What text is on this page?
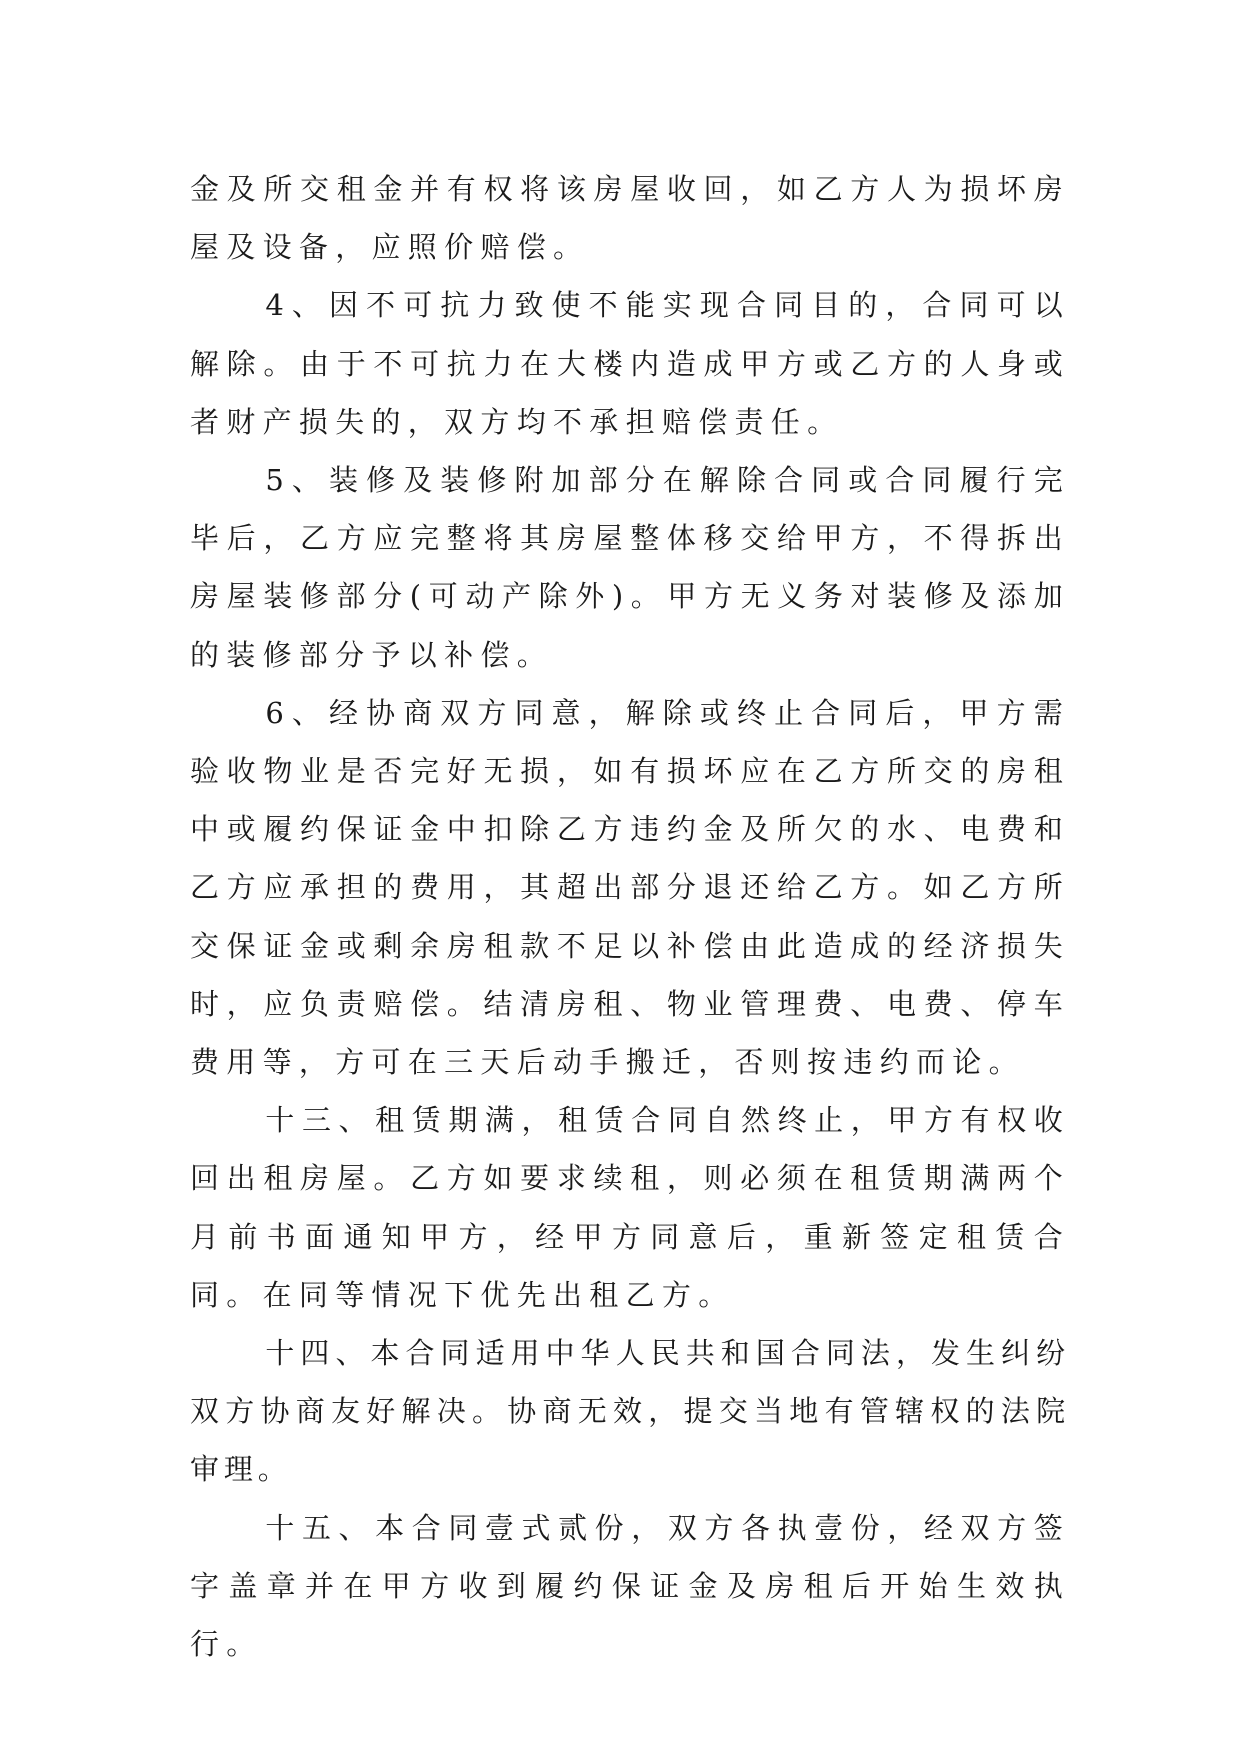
金及所交租金并有权将该房屋收回，如乙方人为损坏房屋及设备，应照价赔偿。

4、因不可抗力致使不能实现合同目的，合同可以解除。由于不可抗力在大楼内造成甲方或乙方的人身或者财产损失的，双方均不承担赔偿责任。

5、装修及装修附加部分在解除合同或合同履行完毕后，乙方应完整将其房屋整体移交给甲方，不得拆出房屋装修部分(可动产除外)。甲方无义务对装修及添加的装修部分予以补偿。

6、经协商双方同意，解除或终止合同后，甲方需验收物业是否完好无损，如有损坏应在乙方所交的房租中或履约保证金中扣除乙方违约金及所欠的水、电费和乙方应承担的费用，其超出部分退还给乙方。如乙方所交保证金或剩余房租款不足以补偿由此造成的经济损失时，应负责赔偿。结清房租、物业管理费、电费、停车费用等，方可在三天后动手搬迁，否则按违约而论。

十三、租赁期满，租赁合同自然终止，甲方有权收回出租房屋。乙方如要求续租，则必须在租赁期满两个月前书面通知甲方，经甲方同意后，重新签定租赁合同。在同等情况下优先出租乙方。

十四、本合同适用中华人民共和国合同法，发生纠纷双方协商友好解决。协商无效，提交当地有管辖权的法院审理。

十五、本合同壹式贰份，双方各执壹份，经双方签字盖章并在甲方收到履约保证金及房租后开始生效执行。
